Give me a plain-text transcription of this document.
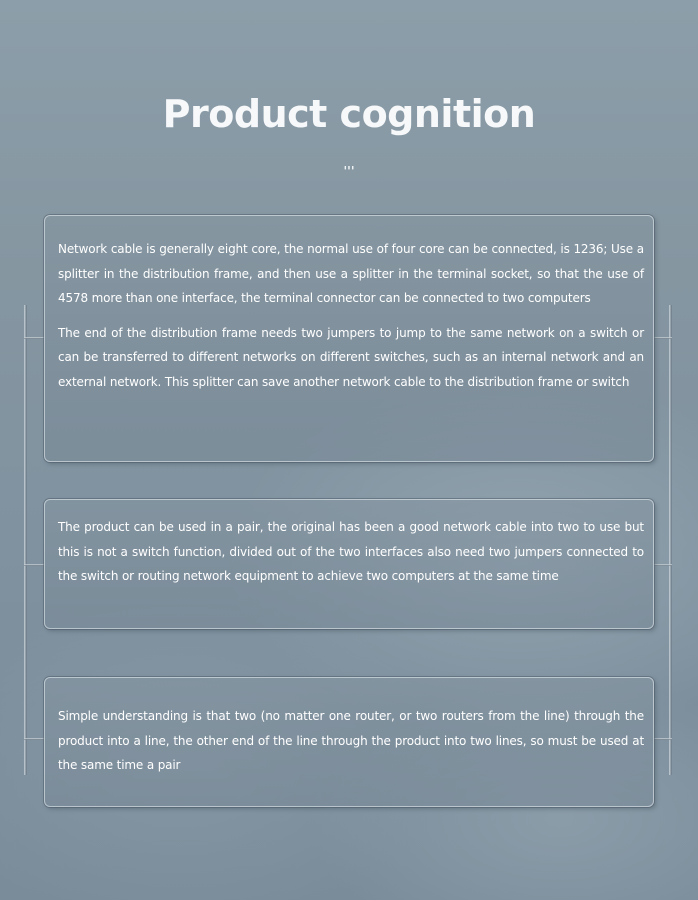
Product cognition
'''

Network cable is generally eight core, the normal use of four core can be connected, is 1236; Use a splitter in the distribution frame, and then use a splitter in the terminal socket, so that the use of 4578 more than one interface, the terminal connector can be connected to two computers

The end of the distribution frame needs two jumpers to jump to the same network on a switch or can be transferred to different networks on different switches, such as an internal network and an external network. This splitter can save another network cable to the distribution frame or switch

The product can be used in a pair, the original has been a good network cable into two to use but this is not a switch function, divided out of the two interfaces also need two jumpers connected to the switch or routing network equipment to achieve two computers at the same time

Simple understanding is that two (no matter one router, or two routers from the line) through the product into a line, the other end of the line through the product into two lines, so must be used at the same time a pair
